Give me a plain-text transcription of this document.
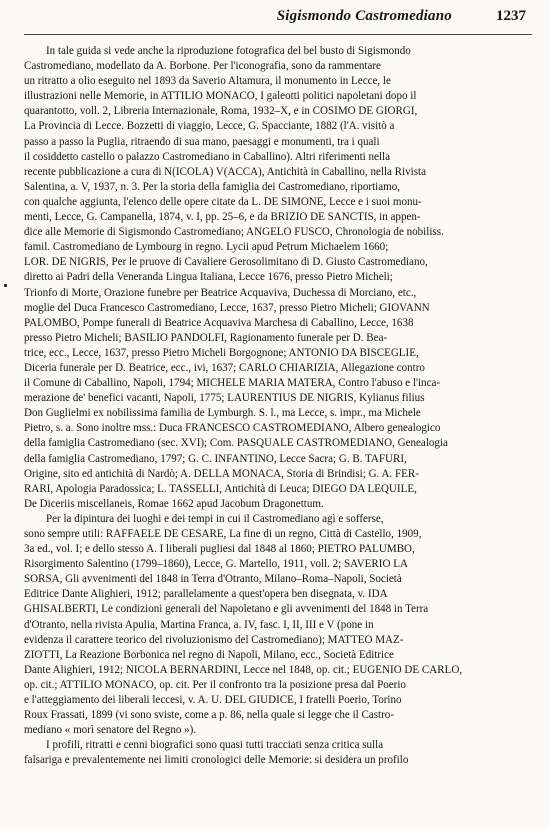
Sigismondo Castromediano	1237
In tale guida si vede anche la riproduzione fotografica del bel busto di Sigismondo
Castromediano, modellato da A. Borbone. Per l'iconografia, sono da rammentare
un ritratto a olio eseguito nel 1893 da Saverio Altamura, il monumento in Lecce, le
illustrazioni nelle Memorie, in ATTILIO MONACO, I galeotti politici napoletani dopo il
quarantotto, voll. 2, Libreria Internazionale, Roma, 1932–X, e in COSIMO DE GIORGI,
La Provincia di Lecce. Bozzetti di viaggio, Lecce, G. Spacciante, 1882 (l'A. visitò a
passo a passo la Puglia, ritraendo di sua mano, paesaggi e monumenti, tra i quali
il cosiddetto castello o palazzo Castromediano in Caballino). Altri riferimenti nella
recente pubblicazione a cura di N(ICOLA) V(ACCA), Antichità in Caballino, nella Rivista
Salentina, a. V, 1937, n. 3. Per la storia della famiglia dei Castromediano, riportiamo,
con qualche aggiunta, l'elenco delle opere citate da L. DE SIMONE, Lecce e i suoi monu-
menti, Lecce, G. Campanella, 1874, v. I, pp. 25–6, e da BRIZIO DE SANCTIS, in appen-
dice alle Memorie di Sigismondo Castromediano; ANGELO FUSCO, Chronologia de nobiliss.
famil. Castromediano de Lymbourg in regno. Lycii apud Petrum Michaelem 1660;
LOR. DE NIGRIS, Per le pruove di Cavaliere Gerosolimitano di D. Giusto Castromediano,
diretto ai Padri della Veneranda Lingua Italiana, Lecce 1676, presso Pietro Micheli;
Trionfo di Morte, Orazione funebre per Beatrice Acquaviva, Duchessa di Morciano, etc.,
moglie del Duca Francesco Castromediano, Lecce, 1637, presso Pietro Micheli; GIOVANN
PALOMBO, Pompe funerali di Beatrice Acquaviva Marchesa di Caballino, Lecce, 1638
presso Pietro Micheli; BASILIO PANDOLFI, Ragionamento funerale per D. Bea-
trice, ecc., Lecce, 1637, presso Pietro Micheli Borgognone; ANTONIO DA BISCEGLIE,
Diceria funerale per D. Beatrice, ecc., ivi, 1637; CARLO CHIARIZIA, Allegazione contro
il Comune di Caballino, Napoli, 1794; MICHELE MARIA MATERA, Contro l'abuso e l'inca-
merazione de' benefici vacanti, Napoli, 1775; LAURENTIUS DE NIGRIS, Kylianus filius
Don Guglielmi ex nobilissima familia de Lymburgh. S. l., ma Lecce, s. impr., ma Michele
Pietro, s. a. Sono inoltre mss.: Duca FRANCESCO CASTROMEDIANO, Albero genealogico
della famiglia Castromediano (sec. XVI); Com. PASQUALE CASTROMEDIANO, Genealogia
della famiglia Castromediano, 1797; G. C. INFANTINO, Lecce Sacra; G. B. TAFURI,
Origine, sito ed antichità di Nardò; A. DELLA MONACA, Storia di Brindisi; G. A. FER-
RARI, Apologia Paradossica; L. TASSELLI, Antichità di Leuca; DIEGO DA LEQUILE,
De Diceriis miscellaneis, Romae 1662 apud Jacobum Dragonettum.
Per la dipintura dei luoghi e dei tempi in cui il Castromediano agì e sofferse,
sono sempre utili: RAFFAELE DE CESARE, La fine di un regno, Città di Castello, 1909,
3a ed., vol. I; e dello stesso A. I liberali pugliesi dal 1848 al 1860; PIETRO PALUMBO,
Risorgimento Salentino (1799–1860), Lecce, G. Martello, 1911, voll. 2; SAVERIO LA
SORSA, Gli avvenimenti del 1848 in Terra d'Otranto, Milano–Roma–Napoli, Società
Editrice Dante Alighieri, 1912; parallelamente a quest'opera ben disegnata, v. IDA
GHISALBERTI, Le condizioni generali del Napoletano e gli avvenimenti del 1848 in Terra
d'Otranto, nella rivista Apulia, Martina Franca, a. IV, fasc. I, II, III e V (pone in
evidenza il carattere teorico del rivoluzionismo del Castromediano); MATTEO MAZ-
ZIOTTI, La Reazione Borbonica nel regno di Napoli, Milano, ecc., Società Editrice
Dante Alighieri, 1912; NICOLA BERNARDINI, Lecce nel 1848, op. cit.; EUGENIO DE CARLO,
op. cit.; ATTILIO MONACO, op. cit. Per il confronto tra la posizione presa dal Poerio
e l'atteggiamento dei liberali leccesi, v. A. U. DEL GIUDICE, I fratelli Poerio, Torino
Roux Frassati, 1899 (vi sono sviste, come a p. 86, nella quale si legge che il Castro-
mediano « morì senatore del Regno »).
I profili, ritratti e cenni biografici sono quasi tutti tracciati senza critica sulla
falsariga e prevalentemente nei limiti cronologici delle Memorie: si desidera un profilo
